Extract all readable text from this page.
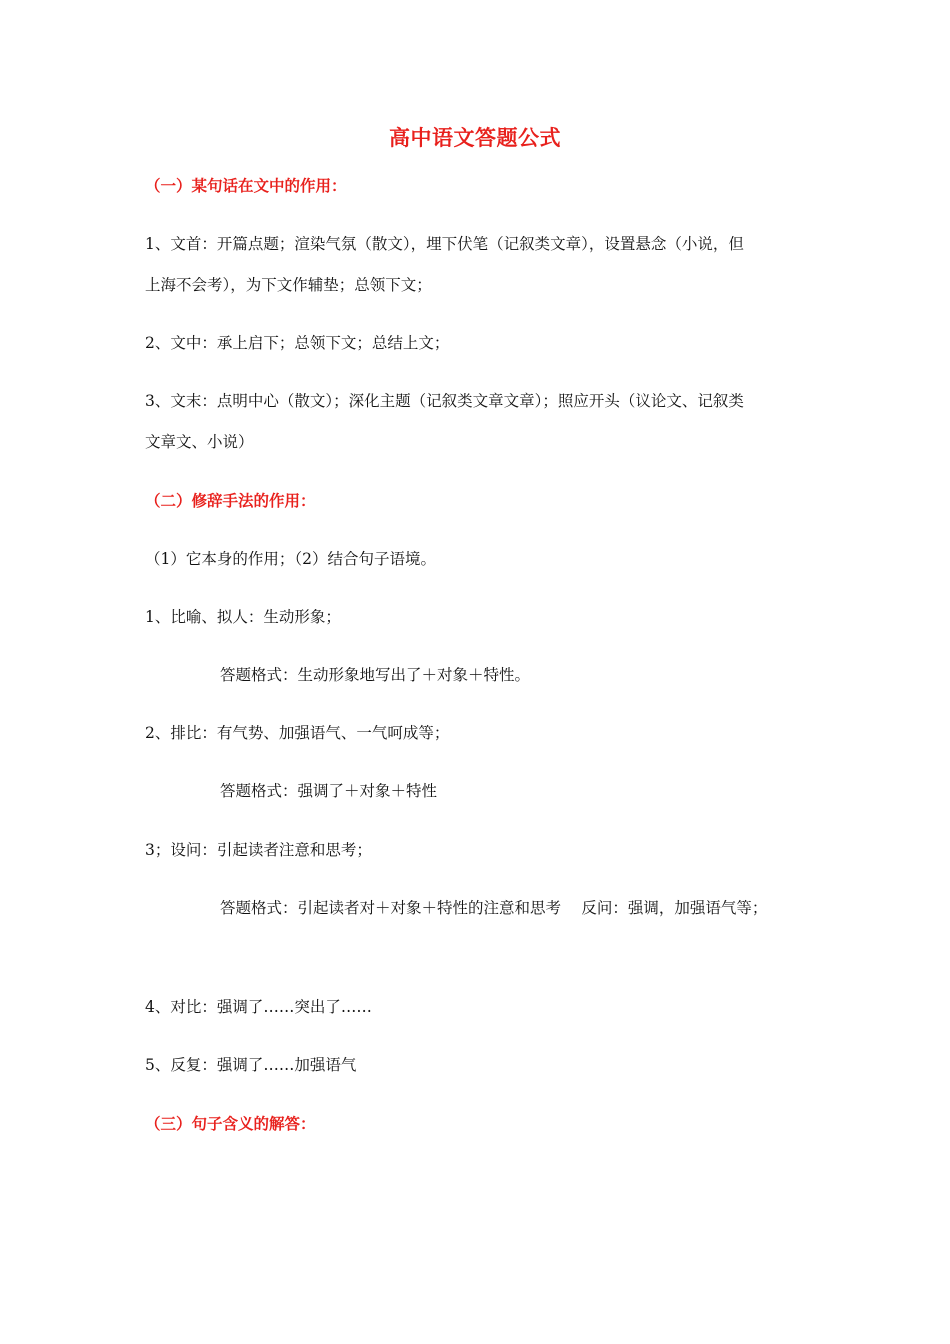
高中语文答题公式
（一）某句话在文中的作用：
1、文首：开篇点题；渲染气氛（散文），埋下伏笔（记叙类文章），设置悬念（小说，但
上海不会考），为下文作辅垫；总领下文；
2、文中：承上启下；总领下文；总结上文；
3、文末：点明中心（散文）；深化主题（记叙类文章文章）；照应开头（议论文、记叙类
文章文、小说）
（二）修辞手法的作用：
（1）它本身的作用；（2）结合句子语境。
1、比喻、拟人：生动形象；
答题格式：生动形象地写出了＋对象＋特性。
2、排比：有气势、加强语气、一气呵成等；
答题格式：强调了＋对象＋特性
3；设问：引起读者注意和思考；
答题格式：引起读者对＋对象＋特性的注意和思考　 反问：强调，加强语气等；
4、对比：强调了……突出了……
5、反复：强调了……加强语气
（三）句子含义的解答：
